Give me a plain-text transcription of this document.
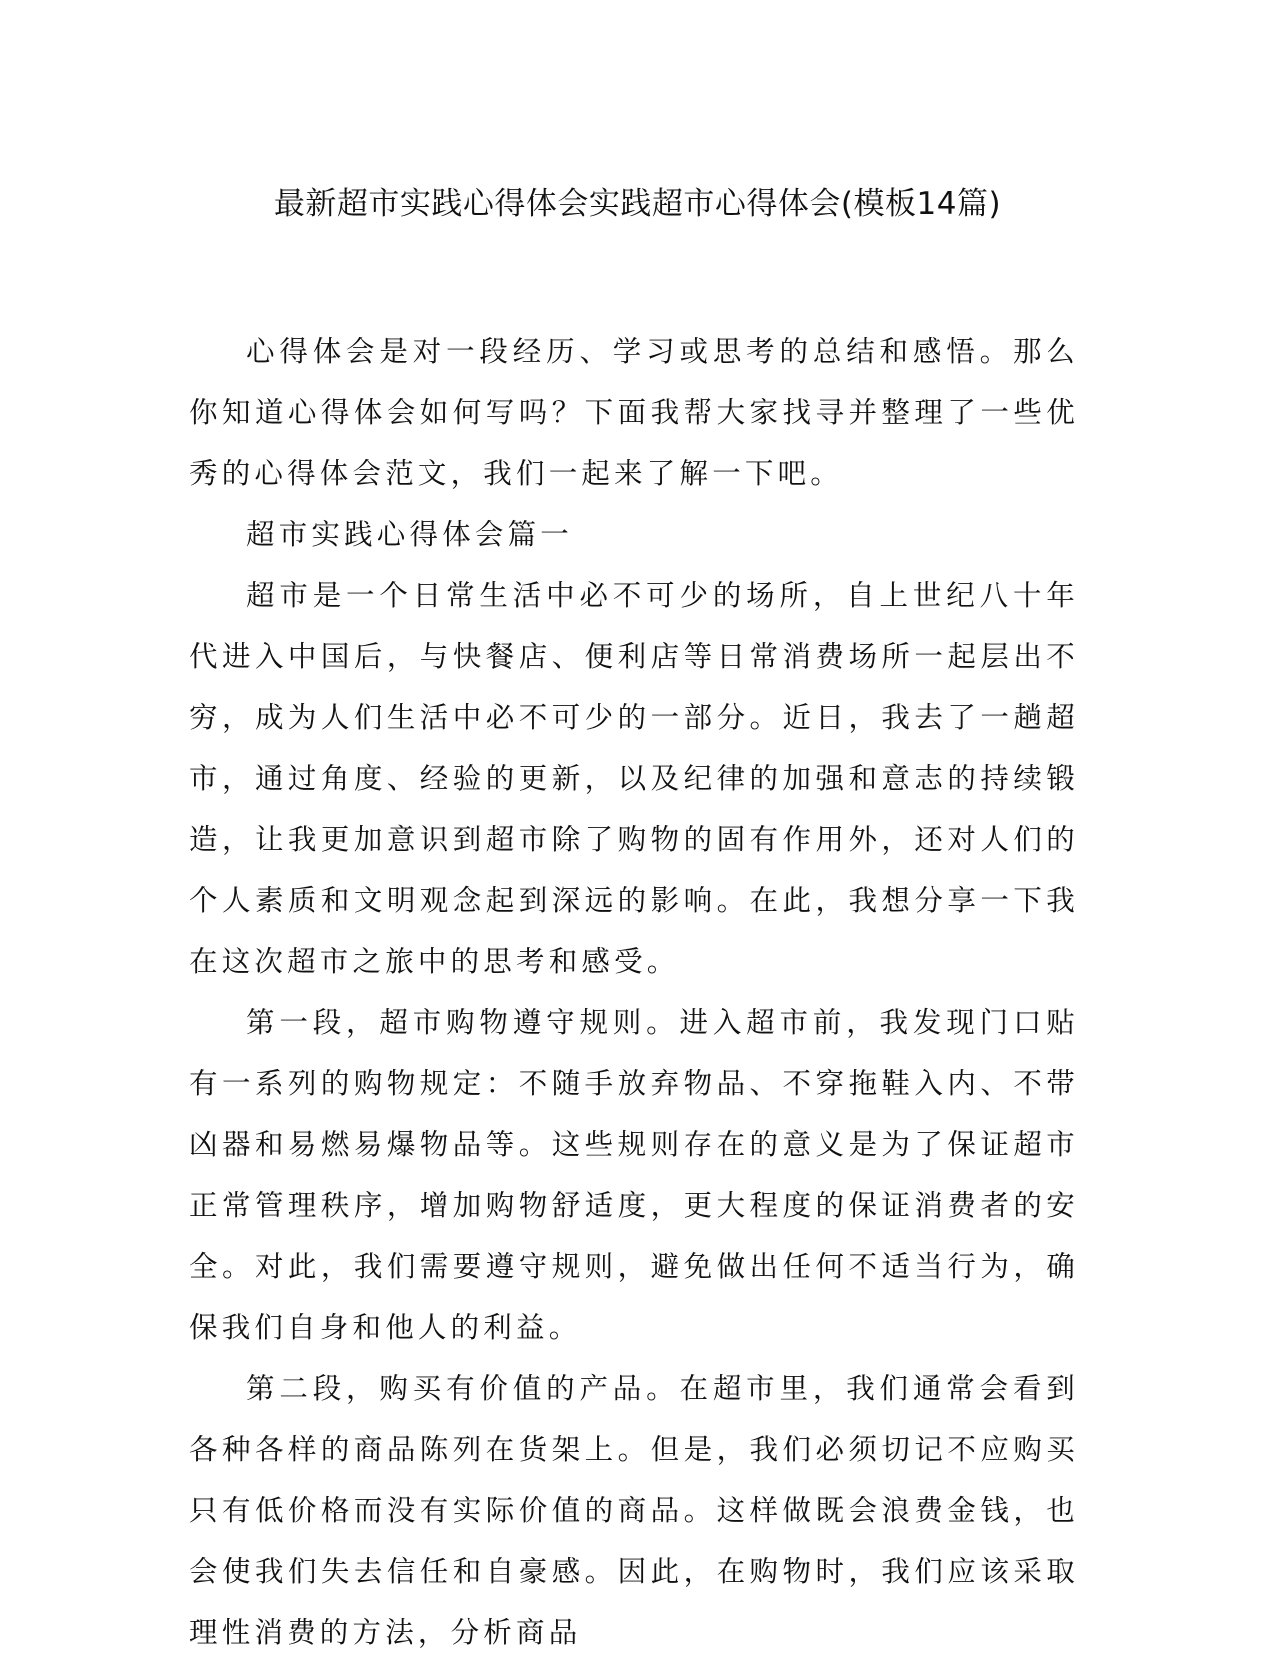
最新超市实践心得体会实践超市心得体会(模板14篇)

心得体会是对一段经历、学习或思考的总结和感悟。那么你知道心得体会如何写吗？下面我帮大家找寻并整理了一些优秀的心得体会范文，我们一起来了解一下吧。

超市实践心得体会篇一

超市是一个日常生活中必不可少的场所，自上世纪八十年代进入中国后，与快餐店、便利店等日常消费场所一起层出不穷，成为人们生活中必不可少的一部分。近日，我去了一趟超市，通过角度、经验的更新，以及纪律的加强和意志的持续锻造，让我更加意识到超市除了购物的固有作用外，还对人们的个人素质和文明观念起到深远的影响。在此，我想分享一下我在这次超市之旅中的思考和感受。

第一段，超市购物遵守规则。进入超市前，我发现门口贴有一系列的购物规定：不随手放弃物品、不穿拖鞋入内、不带凶器和易燃易爆物品等。这些规则存在的意义是为了保证超市正常管理秩序，增加购物舒适度，更大程度的保证消费者的安全。对此，我们需要遵守规则，避免做出任何不适当行为，确保我们自身和他人的利益。

第二段，购买有价值的产品。在超市里，我们通常会看到各种各样的商品陈列在货架上。但是，我们必须切记不应购买只有低价格而没有实际价值的商品。这样做既会浪费金钱，也会使我们失去信任和自豪感。因此，在购物时，我们应该采取理性消费的方法，分析商品
